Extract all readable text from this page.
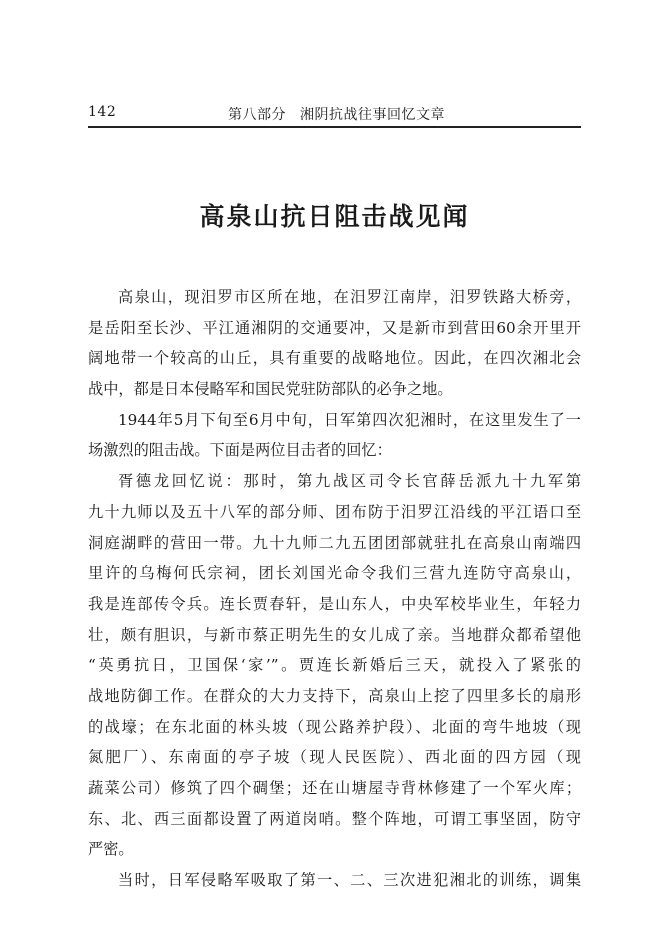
142	第八部分 湘阴抗战往事回忆文章
高泉山抗日阻击战见闻
高泉山，现汨罗市区所在地，在汨罗江南岸，汨罗铁路大桥旁，
是岳阳至长沙、平江通湘阴的交通要冲，又是新市到营田60余开里开
阔地带一个较高的山丘，具有重要的战略地位。因此，在四次湘北会
战中，都是日本侵略军和国民党驻防部队的必争之地。
1944年5月下旬至6月中旬，日军第四次犯湘时，在这里发生了一
场激烈的阻击战。下面是两位目击者的回忆：
胥德龙回忆说：那时，第九战区司令长官薛岳派九十九军第
九十九师以及五十八军的部分师、团布防于汨罗江沿线的平江语口至
洞庭湖畔的营田一带。九十九师二九五团团部就驻扎在高泉山南端四
里许的乌梅何氏宗祠，团长刘国光命令我们三营九连防守高泉山，
我是连部传令兵。连长贾春轩，是山东人，中央军校毕业生，年轻力
壮，颇有胆识，与新市蔡正明先生的女儿成了亲。当地群众都希望他
“英勇抗日，卫国保‘家’”。贾连长新婚后三天，就投入了紧张的
战地防御工作。在群众的大力支持下，高泉山上挖了四里多长的扇形
的战壕；在东北面的林头坡（现公路养护段）、北面的弯牛地坡（现
氮肥厂）、东南面的亭子坡（现人民医院）、西北面的四方园（现
蔬菜公司）修筑了四个碉堡；还在山塘屋寺背林修建了一个军火库；
东、北、西三面都设置了两道岗哨。整个阵地，可谓工事坚固，防守
严密。
当时，日军侵略军吸取了第一、二、三次进犯湘北的训练，调集
